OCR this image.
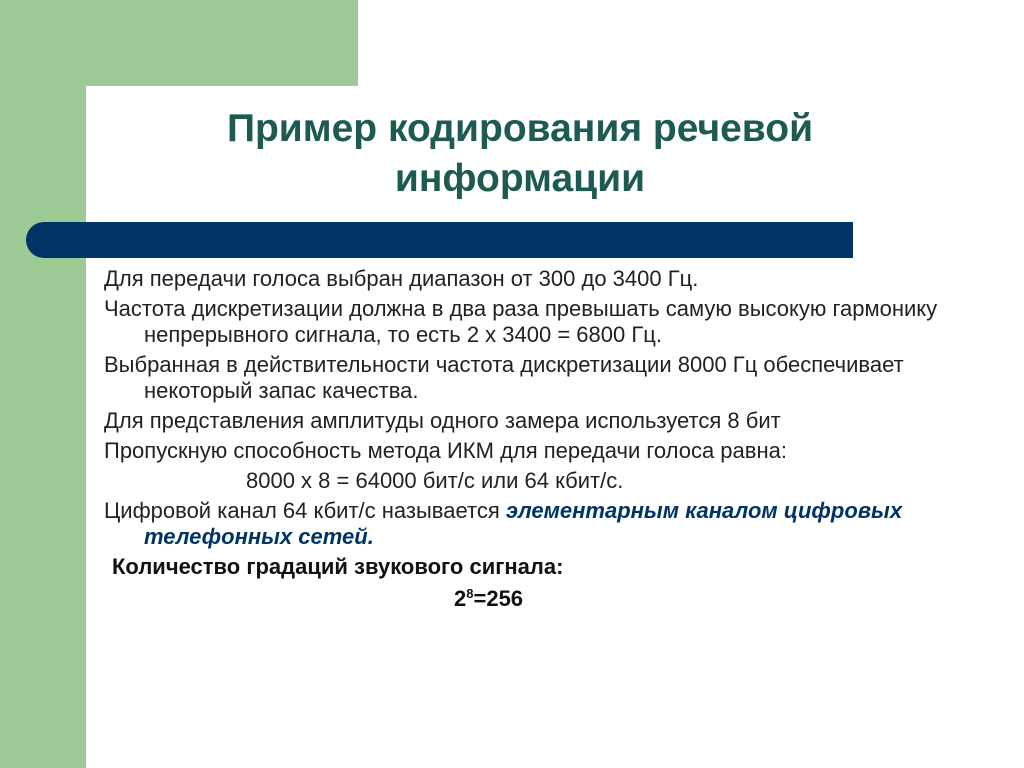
Пример кодирования речевой
информации

Для передачи голоса выбран диапазон от 300 до 3400 Гц.

Частота дискретизации должна в два раза превышать самую высокую гармонику непрерывного сигнала, то есть 2 х 3400 = 6800 Гц.

Выбранная в действительности частота дискретизации 8000 Гц обеспечивает некоторый запас качества.

Для представления амплитуды одного замера используется 8 бит

Пропускную способность метода ИКМ для передачи голоса равна:

8000 х 8 = 64000 бит/с или 64 кбит/с.

Цифровой канал 64 кбит/с называется элементарным каналом цифровых телефонных сетей.

Количество градаций звукового сигнала:

$2^8=256$
